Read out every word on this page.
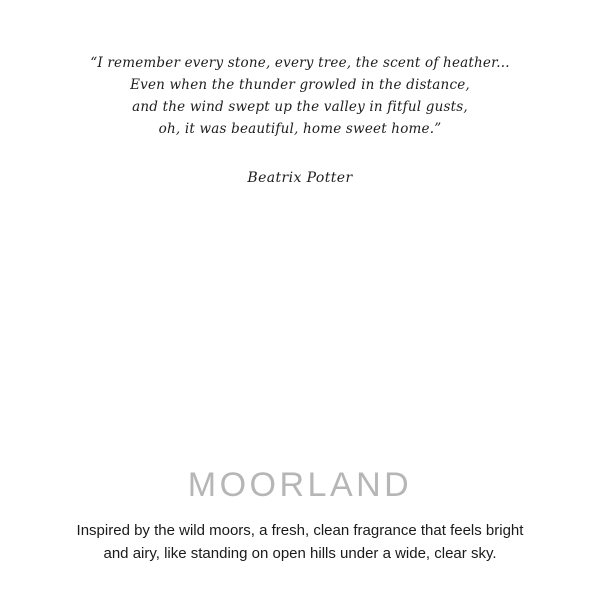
“I remember every stone, every tree, the scent of heather...
Even when the thunder growled in the distance,
and the wind swept up the valley in fitful gusts,
oh, it was beautiful, home sweet home.”
Beatrix Potter
MOORLAND
Inspired by the wild moors, a fresh, clean fragrance that feels bright and airy, like standing on open hills under a wide, clear sky.
